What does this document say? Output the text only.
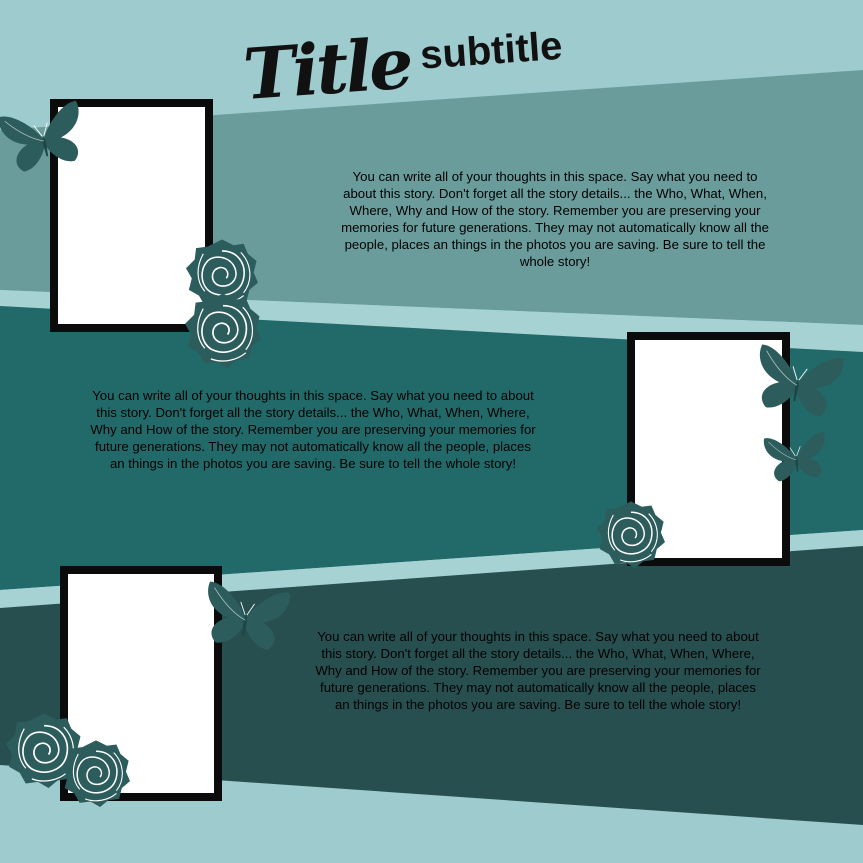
Title subtitle

You can write all of your thoughts in this space. Say what you need to about this story. Don't forget all the story details... the Who, What, When, Where, Why and How of the story. Remember you are preserving your memories for future generations. They may not automatically know all the people, places an things in the photos you are saving. Be sure to tell the whole story!

You can write all of your thoughts in this space. Say what you need to about this story. Don't forget all the story details... the Who, What, When, Where, Why and How of the story. Remember you are preserving your memories for future generations. They may not automatically know all the people, places an things in the photos you are saving. Be sure to tell the whole story!

You can write all of your thoughts in this space. Say what you need to about this story. Don't forget all the story details... the Who, What, When, Where, Why and How of the story. Remember you are preserving your memories for future generations. They may not automatically know all the people, places an things in the photos you are saving. Be sure to tell the whole story!
